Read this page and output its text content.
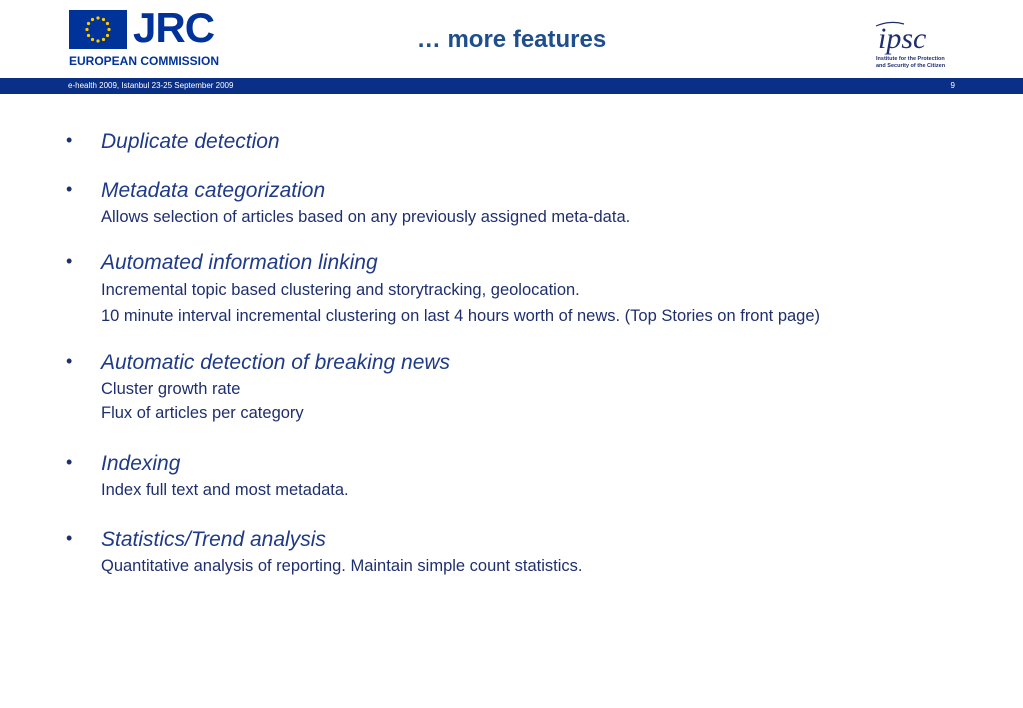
JRC
EUROPEAN COMMISSION
… more features	ipsc
Institute for the Protection
and Security of the Citizen
e-health 2009, Istanbul 23-25 September 2009	9
• Duplicate detection
• Metadata categorization
Allows selection of articles based on any previously assigned meta-data.
• Automated information linking
Incremental topic based clustering and storytracking, geolocation.
10 minute interval incremental clustering on last 4 hours worth of news. (Top Stories on front page)
• Automatic detection of breaking news
Cluster growth rate
Flux of articles per category
• Indexing
Index full text and most metadata.
• Statistics/Trend analysis
Quantitative analysis of reporting. Maintain simple count statistics.
